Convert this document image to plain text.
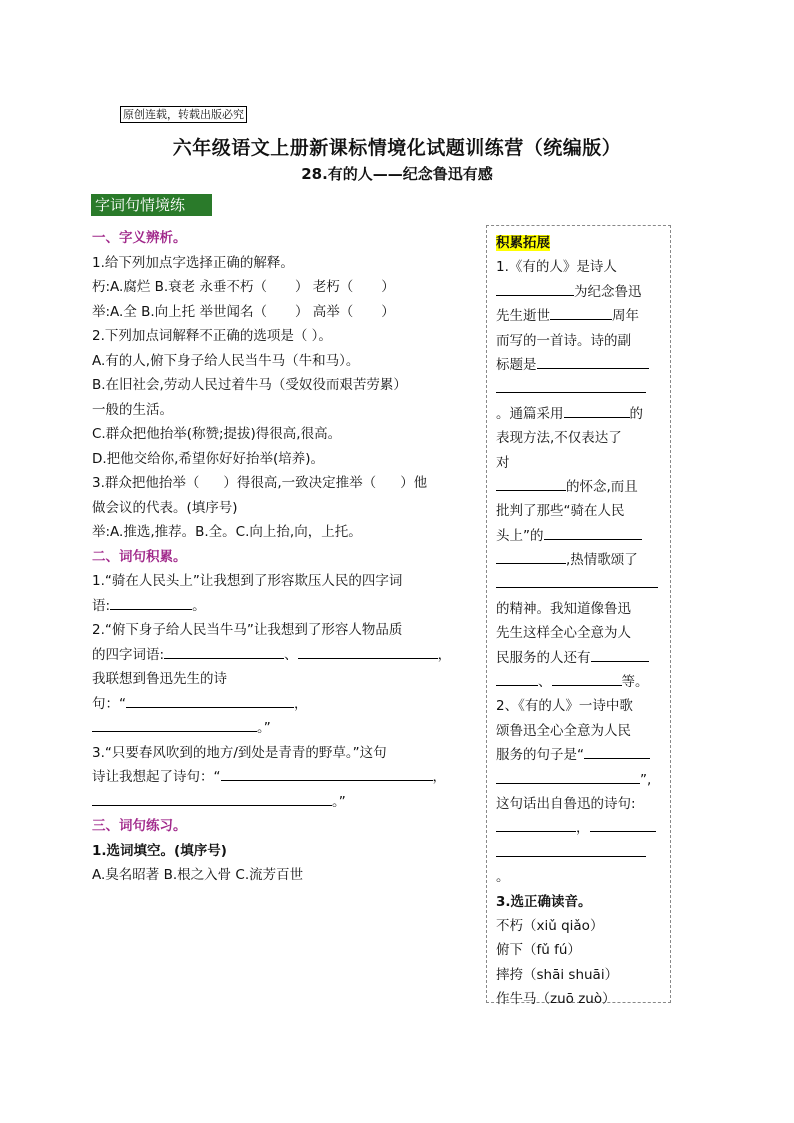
原创连载，转载出版必究
六年级语文上册新课标情境化试题训练营（统编版）
28.有的人——纪念鲁迅有感
字词句情境练
一、字义辨析。
1.给下列加点字选择正确的解释。
朽:A.腐烂 B.衰老 永垂不朽（ ） 老朽（ ）
举:A.全 B.向上托 举世闻名（ ） 高举（ ）
2.下列加点词解释不正确的选项是（ ）。
A.有的人,俯下身子给人民当牛马（牛和马）。
B.在旧社会,劳动人民过着牛马（受奴役而艰苦劳累）
一般的生活。
C.群众把他抬举(称赞;提拔)得很高,很高。
D.把他交给你,希望你好好抬举(培养)。
3.群众把他抬举（ ）得很高,一致决定推举（ ）他
做会议的代表。(填序号)
举:A.推选,推荐。B.全。C.向上抬,向，上托。
二、词句积累。
1.“骑在人民头上”让我想到了形容欺压人民的四字词
语:	。
2.“俯下身子给人民当牛马”让我想到了形容人物品质
的四字词语:	、	，
我联想到鲁迅先生的诗
句：“	，
。”
3.“只要春风吹到的地方/到处是青青的野草。”这句
诗让我想起了诗句：“	，
。”
三、词句练习。
1.选词填空。(填序号)
A.臭名昭著 B.根之入骨 C.流芳百世
积累拓展
1.《有的人》是诗人
为纪念鲁迅
先生逝世	周年
而写的一首诗。诗的副
标题是
。通篇采用	的
表现方法,不仅表达了
对
的怀念,而且
批判了那些“骑在人民
头上”的
,热情歌颂了
的精神。我知道像鲁迅
先生这样全心全意为人
民服务的人还有
、	等。
2、《有的人》一诗中歌
颂鲁迅全心全意为人民
服务的句子是“
”,
这句话出自鲁迅的诗句:
，
。
3.选正确读音。
不朽（xiǔ qiǎo）
俯下（fǔ fú）
摔挎（shāi shuāi）
作牛马（zuō zuò）
